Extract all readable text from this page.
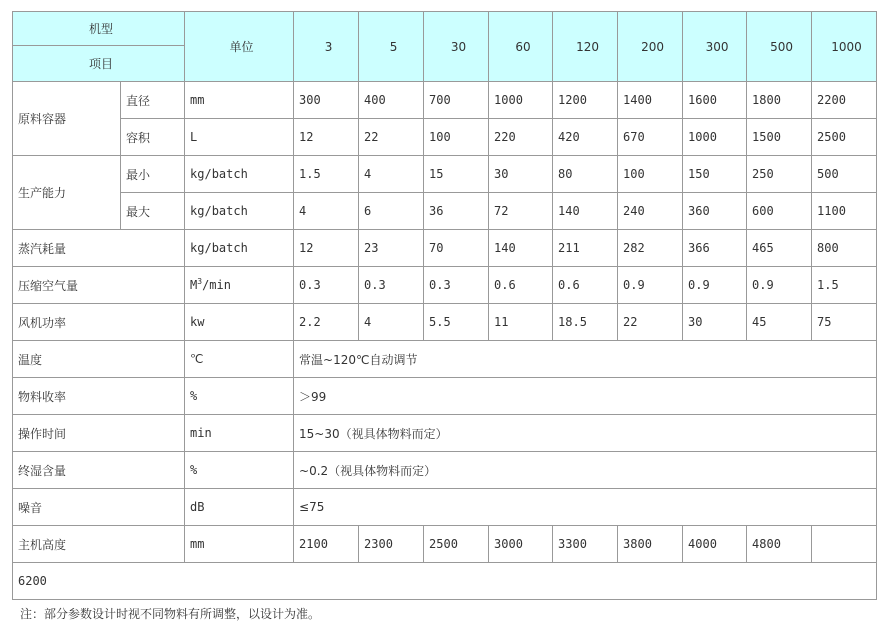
机型		单位	3	5	30	60	120	200	300	500	1000
项目											
原料容器	直径	mm	300	400	700	1000	1200	1400	1600	1800	2200
	容积	L	12	22	100	220	420	670	1000	1500	2500
生产能力	最小	kg/batch	1.5	4	15	30	80	100	150	250	500
	最大	kg/batch	4	6	36	72	140	240	360	600	1100
蒸汽耗量		kg/batch	12	23	70	140	211	282	366	465	800
压缩空气量		$M^3/\min$	0.3	0.3	0.3	0.6	0.6	0.9	0.9	0.9	1.5
风机功率		kw	2.2	4	5.5	11	18.5	22	30	45	75
温度		℃	常温~120℃自动调节								
物料收率		%	＞99								
操作时间		min	15~30（视具体物料而定）								
终湿含量		%	~0.2（视具体物料而定）								
噪音		dB	≤75								
主机高度		mm	2100	2300	2500	3000	3300	3800	4000	4800	
6200											
注：部分参数设计时视不同物料有所调整，以设计为准。
